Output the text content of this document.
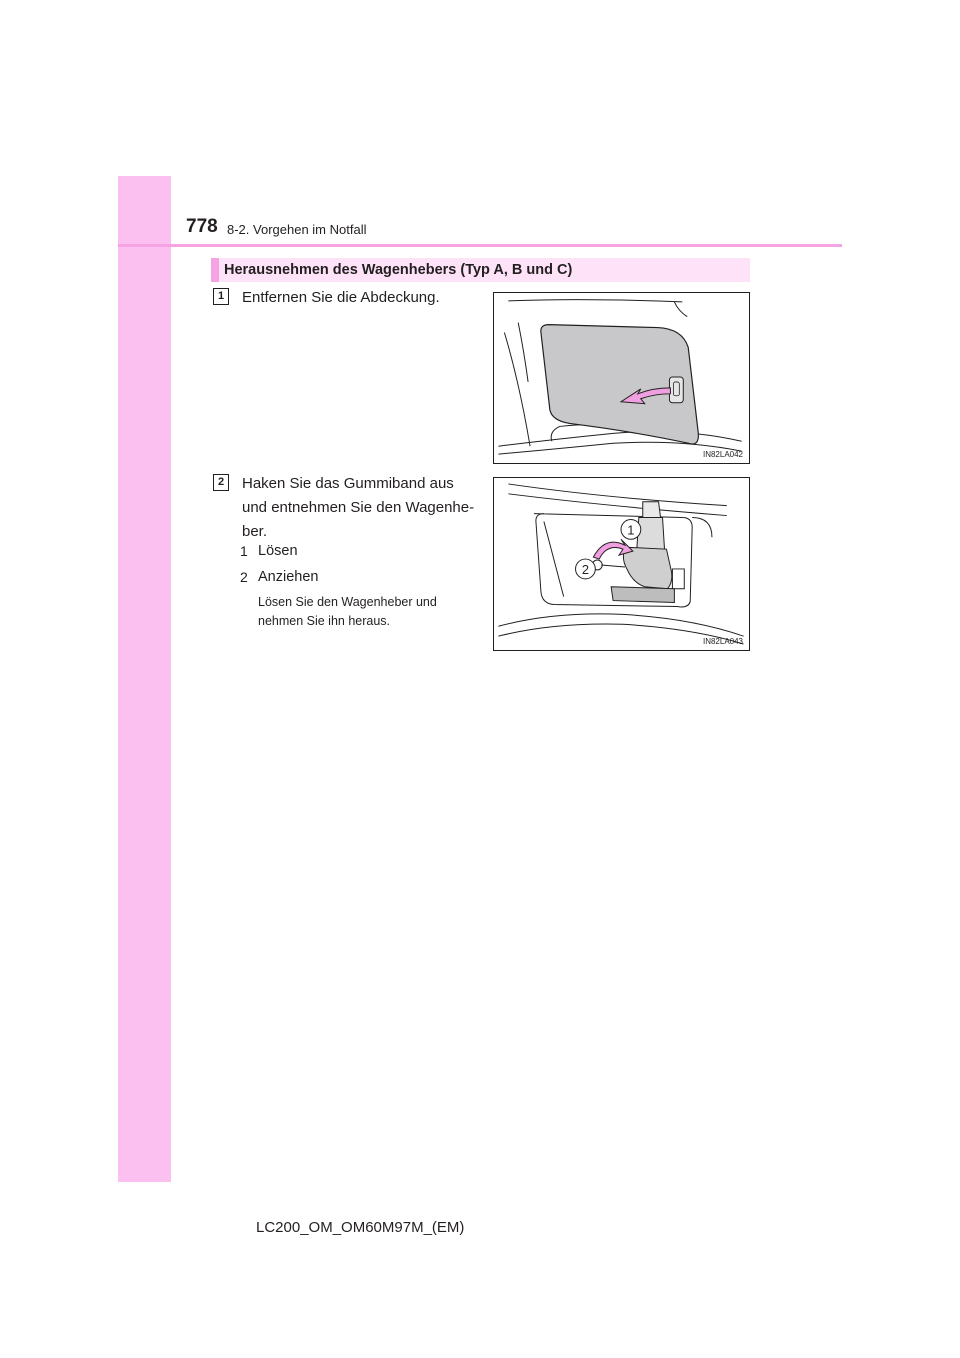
778 8-2. Vorgehen im Notfall
Herausnehmen des Wagenhebers (Typ A, B und C)
1	Entfernen Sie die Abdeckung.
IN82LA042
2	Haken Sie das Gummiband aus
und entnehmen Sie den Wagenhe-
ber.
1 Lösen
2 Anziehen
Lösen Sie den Wagenheber und
nehmen Sie ihn heraus.
1
2
IN82LA043
LC200_OM_OM60M97M_(EM)
